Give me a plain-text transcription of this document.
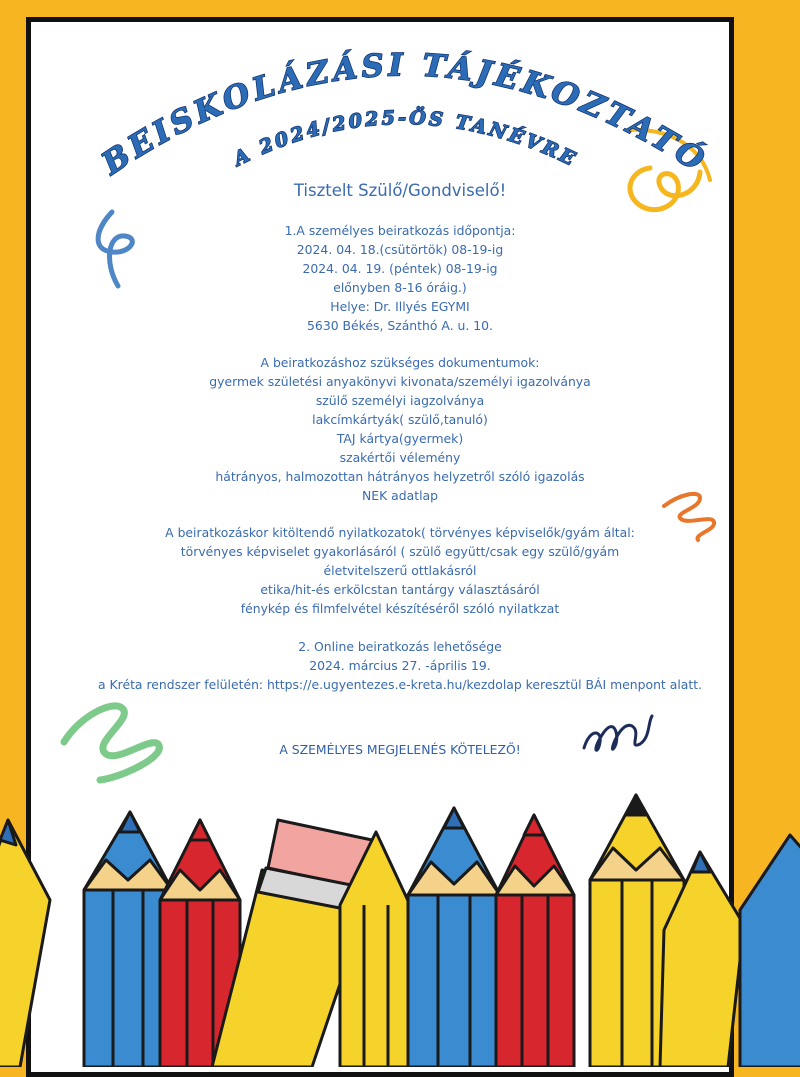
BEISKOLÁZÁSI TÁJÉKOZTATÓ
A 2024/2025-ÖS TANÉVRE
Tisztelt Szülő/Gondviselő!
1.A személyes beiratkozás időpontja:
2024. 04. 18.(csütörtök) 08-19-ig
2024. 04. 19. (péntek) 08-19-ig
előnyben 8-16 óráig.)
Helye: Dr. Illyés EGYMI
5630 Békés, Szánthó A. u. 10.
A beiratkozáshoz szükséges dokumentumok:
gyermek születési anyakönyvi kivonata/személyi igazolványa
szülő személyi iagzolványa
lakcímkártyák( szülő,tanuló)
TAJ kártya(gyermek)
szakértői vélemény
hátrányos, halmozottan hátrányos helyzetről szóló igazolás
NEK adatlap
A beiratkozáskor kitöltendő nyilatkozatok( törvényes képviselők/gyám által:
törvényes képviselet gyakorlásáról ( szülő együtt/csak egy szülő/gyám
életvitelszerű ottlakásról
etika/hit-és erkölcstan tantárgy választásáról
fénykép és filmfelvétel készítéséről szóló nyilatkzat
2. Online beiratkozás lehetősége
2024. március 27. -április 19.
a Kréta rendszer felületén: https://e.ugyentezes.e-kreta.hu/kezdolap keresztül BÁI menpont alatt.
A SZEMÉLYES MEGJELENÉS KÖTELEZŐ!
